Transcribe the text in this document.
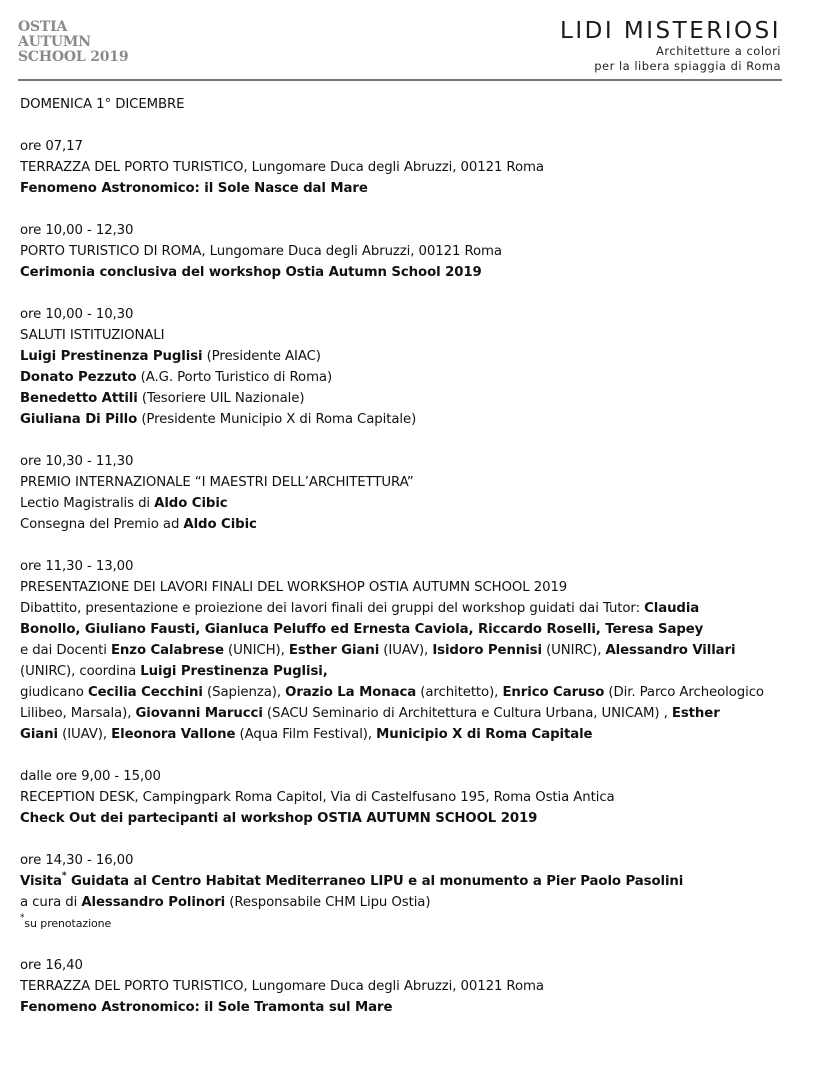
OSTIA
AUTUMN
SCHOOL 2019
LIDI MISTERIOSI
Architetture a colori
per la libera spiaggia di Roma

DOMENICA 1° DICEMBRE

ore 07,17

TERRAZZA DEL PORTO TURISTICO, Lungomare Duca degli Abruzzi, 00121 Roma

Fenomeno Astronomico: il Sole Nasce dal Mare

ore 10,00 - 12,30

PORTO TURISTICO DI ROMA, Lungomare Duca degli Abruzzi, 00121 Roma

Cerimonia conclusiva del workshop Ostia Autumn School 2019

ore 10,00 - 10,30

SALUTI ISTITUZIONALI

Luigi Prestinenza Puglisi (Presidente AIAC)

Donato Pezzuto (A.G. Porto Turistico di Roma)

Benedetto Attili (Tesoriere UIL Nazionale)

Giuliana Di Pillo (Presidente Municipio X di Roma Capitale)

ore 10,30 - 11,30

PREMIO INTERNAZIONALE “I MAESTRI DELL’ARCHITETTURA”

Lectio Magistralis di Aldo Cibic

Consegna del Premio ad Aldo Cibic

ore 11,30 - 13,00

PRESENTAZIONE DEI LAVORI FINALI DEL WORKSHOP OSTIA AUTUMN SCHOOL 2019

Dibattito, presentazione e proiezione dei lavori finali dei gruppi del workshop guidati dai Tutor: Claudia

Bonollo, Giuliano Fausti, Gianluca Peluffo ed Ernesta Caviola, Riccardo Roselli, Teresa Sapey

e dai Docenti Enzo Calabrese (UNICH), Esther Giani (IUAV), Isidoro Pennisi (UNIRC), Alessandro Villari

(UNIRC), coordina Luigi Prestinenza Puglisi,

giudicano Cecilia Cecchini (Sapienza), Orazio La Monaca (architetto), Enrico Caruso (Dir. Parco Archeologico

Lilibeo, Marsala), Giovanni Marucci (SACU Seminario di Architettura e Cultura Urbana, UNICAM) , Esther

Giani (IUAV), Eleonora Vallone (Aqua Film Festival), Municipio X di Roma Capitale

dalle ore 9,00 - 15,00

RECEPTION DESK, Campingpark Roma Capitol, Via di Castelfusano 195, Roma Ostia Antica

Check Out dei partecipanti al workshop OSTIA AUTUMN SCHOOL 2019

ore 14,30 - 16,00

Visita* Guidata al Centro Habitat Mediterraneo LIPU e al monumento a Pier Paolo Pasolini

a cura di Alessandro Polinori (Responsabile CHM Lipu Ostia)

*su prenotazione

ore 16,40

TERRAZZA DEL PORTO TURISTICO, Lungomare Duca degli Abruzzi, 00121 Roma

Fenomeno Astronomico: il Sole Tramonta sul Mare
